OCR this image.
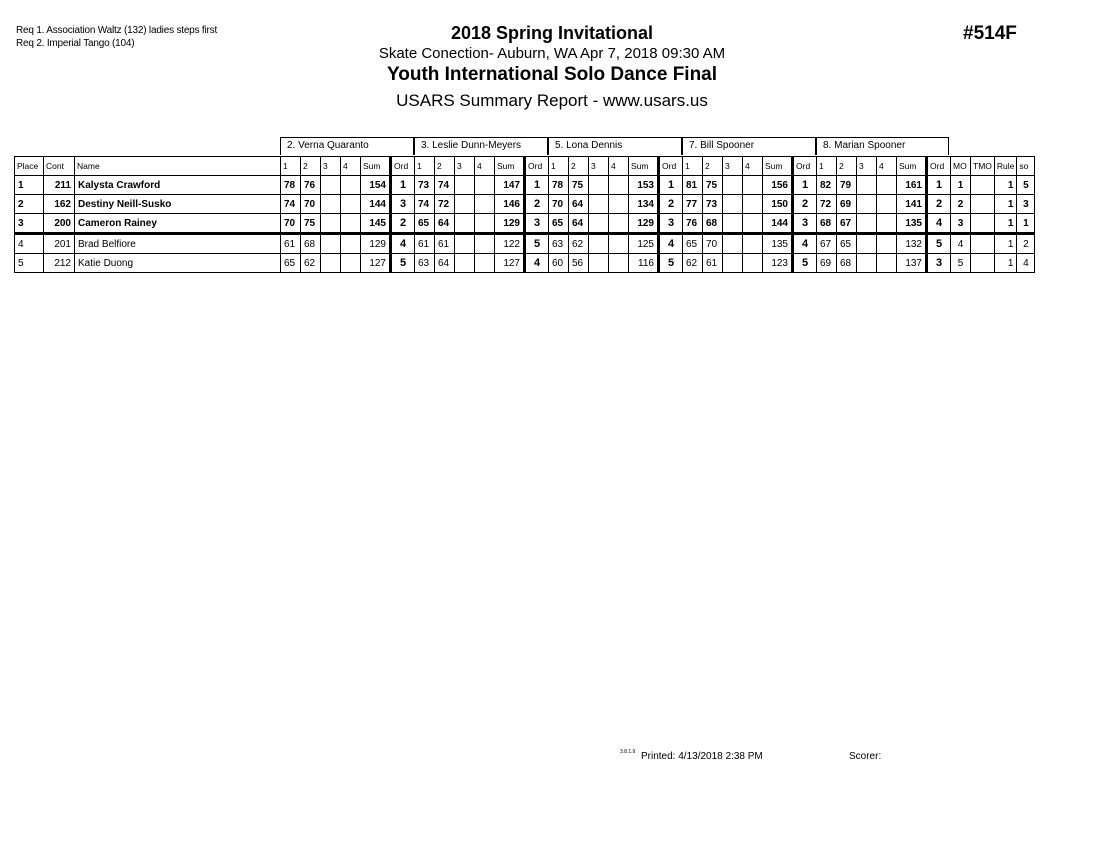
Req 1. Association Waltz (132) ladies steps first
Req 2. Imperial Tango (104)
2018 Spring Invitational
Skate Conection- Auburn, WA Apr 7, 2018 09:30 AM
Youth International Solo Dance Final
USARS Summary Report - www.usars.us
#514F
2. Verna Quaranto	3. Leslie Dunn-Meyers	5. Lona Dennis	7. Bill Spooner	8. Marian Spooner
Place	Cont	Name	1	2	3	4	Sum	Ord	1	2	3	4	Sum	Ord	1	2	3	4	Sum	Ord	1	2	3	4	Sum	Ord	1	2	3	4	Sum	Ord	MO	TMO	Rule	so
1	211	Kalysta Crawford	78	76			154	1	73	74			147	1	78	75			153	1	81	75			156	1	82	79			161	1	1		1	5
2	162	Destiny Neill-Susko	74	70			144	3	74	72			146	2	70	64			134	2	77	73			150	2	72	69			141	2	2		1	3
3	200	Cameron Rainey	70	75			145	2	65	64			129	3	65	64			129	3	76	68			144	3	68	67			135	4	3		1	1
4	201	Brad Belfiore	61	68			129	4	61	61			122	5	63	62			125	4	65	70			135	4	67	65			132	5	4		1	2
5	212	Katie Duong	65	62			127	5	63	64			127	4	60	56			116	5	62	61			123	5	69	68			137	3	5		1	4
3.8.1.9 Printed: 4/13/2018 2:38 PM	Scorer:
